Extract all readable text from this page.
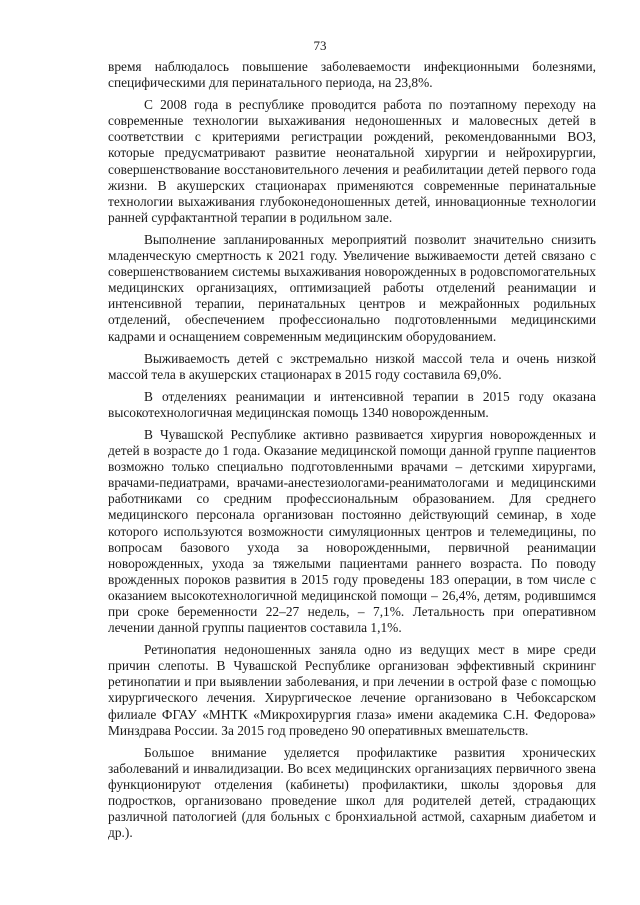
73

время наблюдалось повышение заболеваемости инфекционными болезнями, специфическими для перинатального периода, на 23,8%.

С 2008 года в республике проводится работа по поэтапному переходу на современные технологии выхаживания недоношенных и маловесных детей в соответствии с критериями регистрации рождений, рекомендованными ВОЗ, которые предусматривают развитие неонатальной хирургии и нейрохирургии, совершенствование восстановительного лечения и реабилитации детей первого года жизни. В акушерских стационарах применяются современные перинатальные технологии выхаживания глубоконедоношенных детей, инновационные технологии ранней сурфактантной терапии в родильном зале.

Выполнение запланированных мероприятий позволит значительно снизить младенческую смертность к 2021 году. Увеличение выживаемости детей связано с совершенствованием системы выхаживания новорожденных в родовспомогательных медицинских организациях, оптимизацией работы отделений реанимации и интенсивной терапии, перинатальных центров и межрайонных родильных отделений, обеспечением профессионально подготовленными медицинскими кадрами и оснащением современным медицинским оборудованием.

Выживаемость детей с экстремально низкой массой тела и очень низкой массой тела в акушерских стационарах в 2015 году составила 69,0%.

В отделениях реанимации и интенсивной терапии в 2015 году оказана высокотехнологичная медицинская помощь 1340 новорожденным.

В Чувашской Республике активно развивается хирургия новорожденных и детей в возрасте до 1 года. Оказание медицинской помощи данной группе пациентов возможно только специально подготовленными врачами – детскими хирургами, врачами-педиатрами, врачами-анестезиологами-реаниматологами и медицинскими работниками со средним профессиональным образованием. Для среднего медицинского персонала организован постоянно действующий семинар, в ходе которого используются возможности симуляционных центров и телемедицины, по вопросам базового ухода за новорожденными, первичной реанимации новорожденных, ухода за тяжелыми пациентами раннего возраста. По поводу врожденных пороков развития в 2015 году проведены 183 операции, в том числе с оказанием высокотехнологичной медицинской помощи – 26,4%, детям, родившимся при сроке беременности 22–27 недель, – 7,1%. Летальность при оперативном лечении данной группы пациентов составила 1,1%.

Ретинопатия недоношенных заняла одно из ведущих мест в мире среди причин слепоты. В Чувашской Республике организован эффективный скрининг ретинопатии и при выявлении заболевания, и при лечении в острой фазе с помощью хирургического лечения. Хирургическое лечение организовано в Чебоксарском филиале ФГАУ «МНТК «Микрохирургия глаза» имени академика С.Н. Федорова» Минздрава России. За 2015 год проведено 90 оперативных вмешательств.

Большое внимание уделяется профилактике развития хронических заболеваний и инвалидизации. Во всех медицинских организациях первичного звена функционируют отделения (кабинеты) профилактики, школы здоровья для подростков, организовано проведение школ для родителей детей, страдающих различной патологией (для больных с бронхиальной астмой, сахарным диабетом и др.).
